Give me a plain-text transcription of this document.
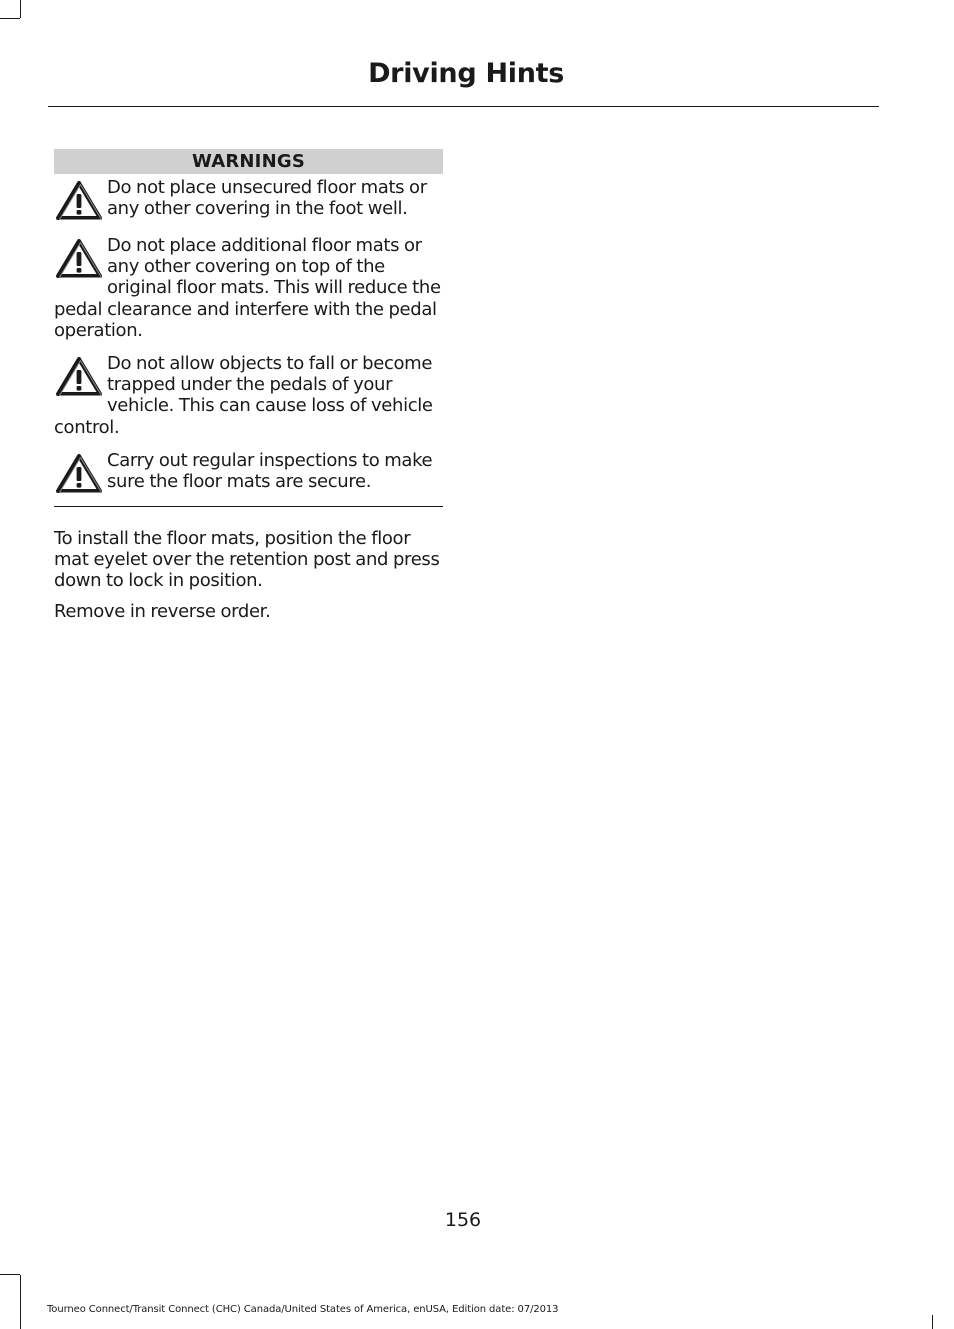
Driving Hints
WARNINGS
Do not place unsecured floor mats or any other covering in the foot well.
Do not place additional floor mats or any other covering on top of the original floor mats. This will reduce the pedal clearance and interfere with the pedal operation.
Do not allow objects to fall or become trapped under the pedals of your vehicle. This can cause loss of vehicle control.
Carry out regular inspections to make sure the floor mats are secure.
To install the floor mats, position the floor mat eyelet over the retention post and press down to lock in position.
Remove in reverse order.
156
Tourneo Connect/Transit Connect (CHC) Canada/United States of America, enUSA, Edition date: 07/2013
